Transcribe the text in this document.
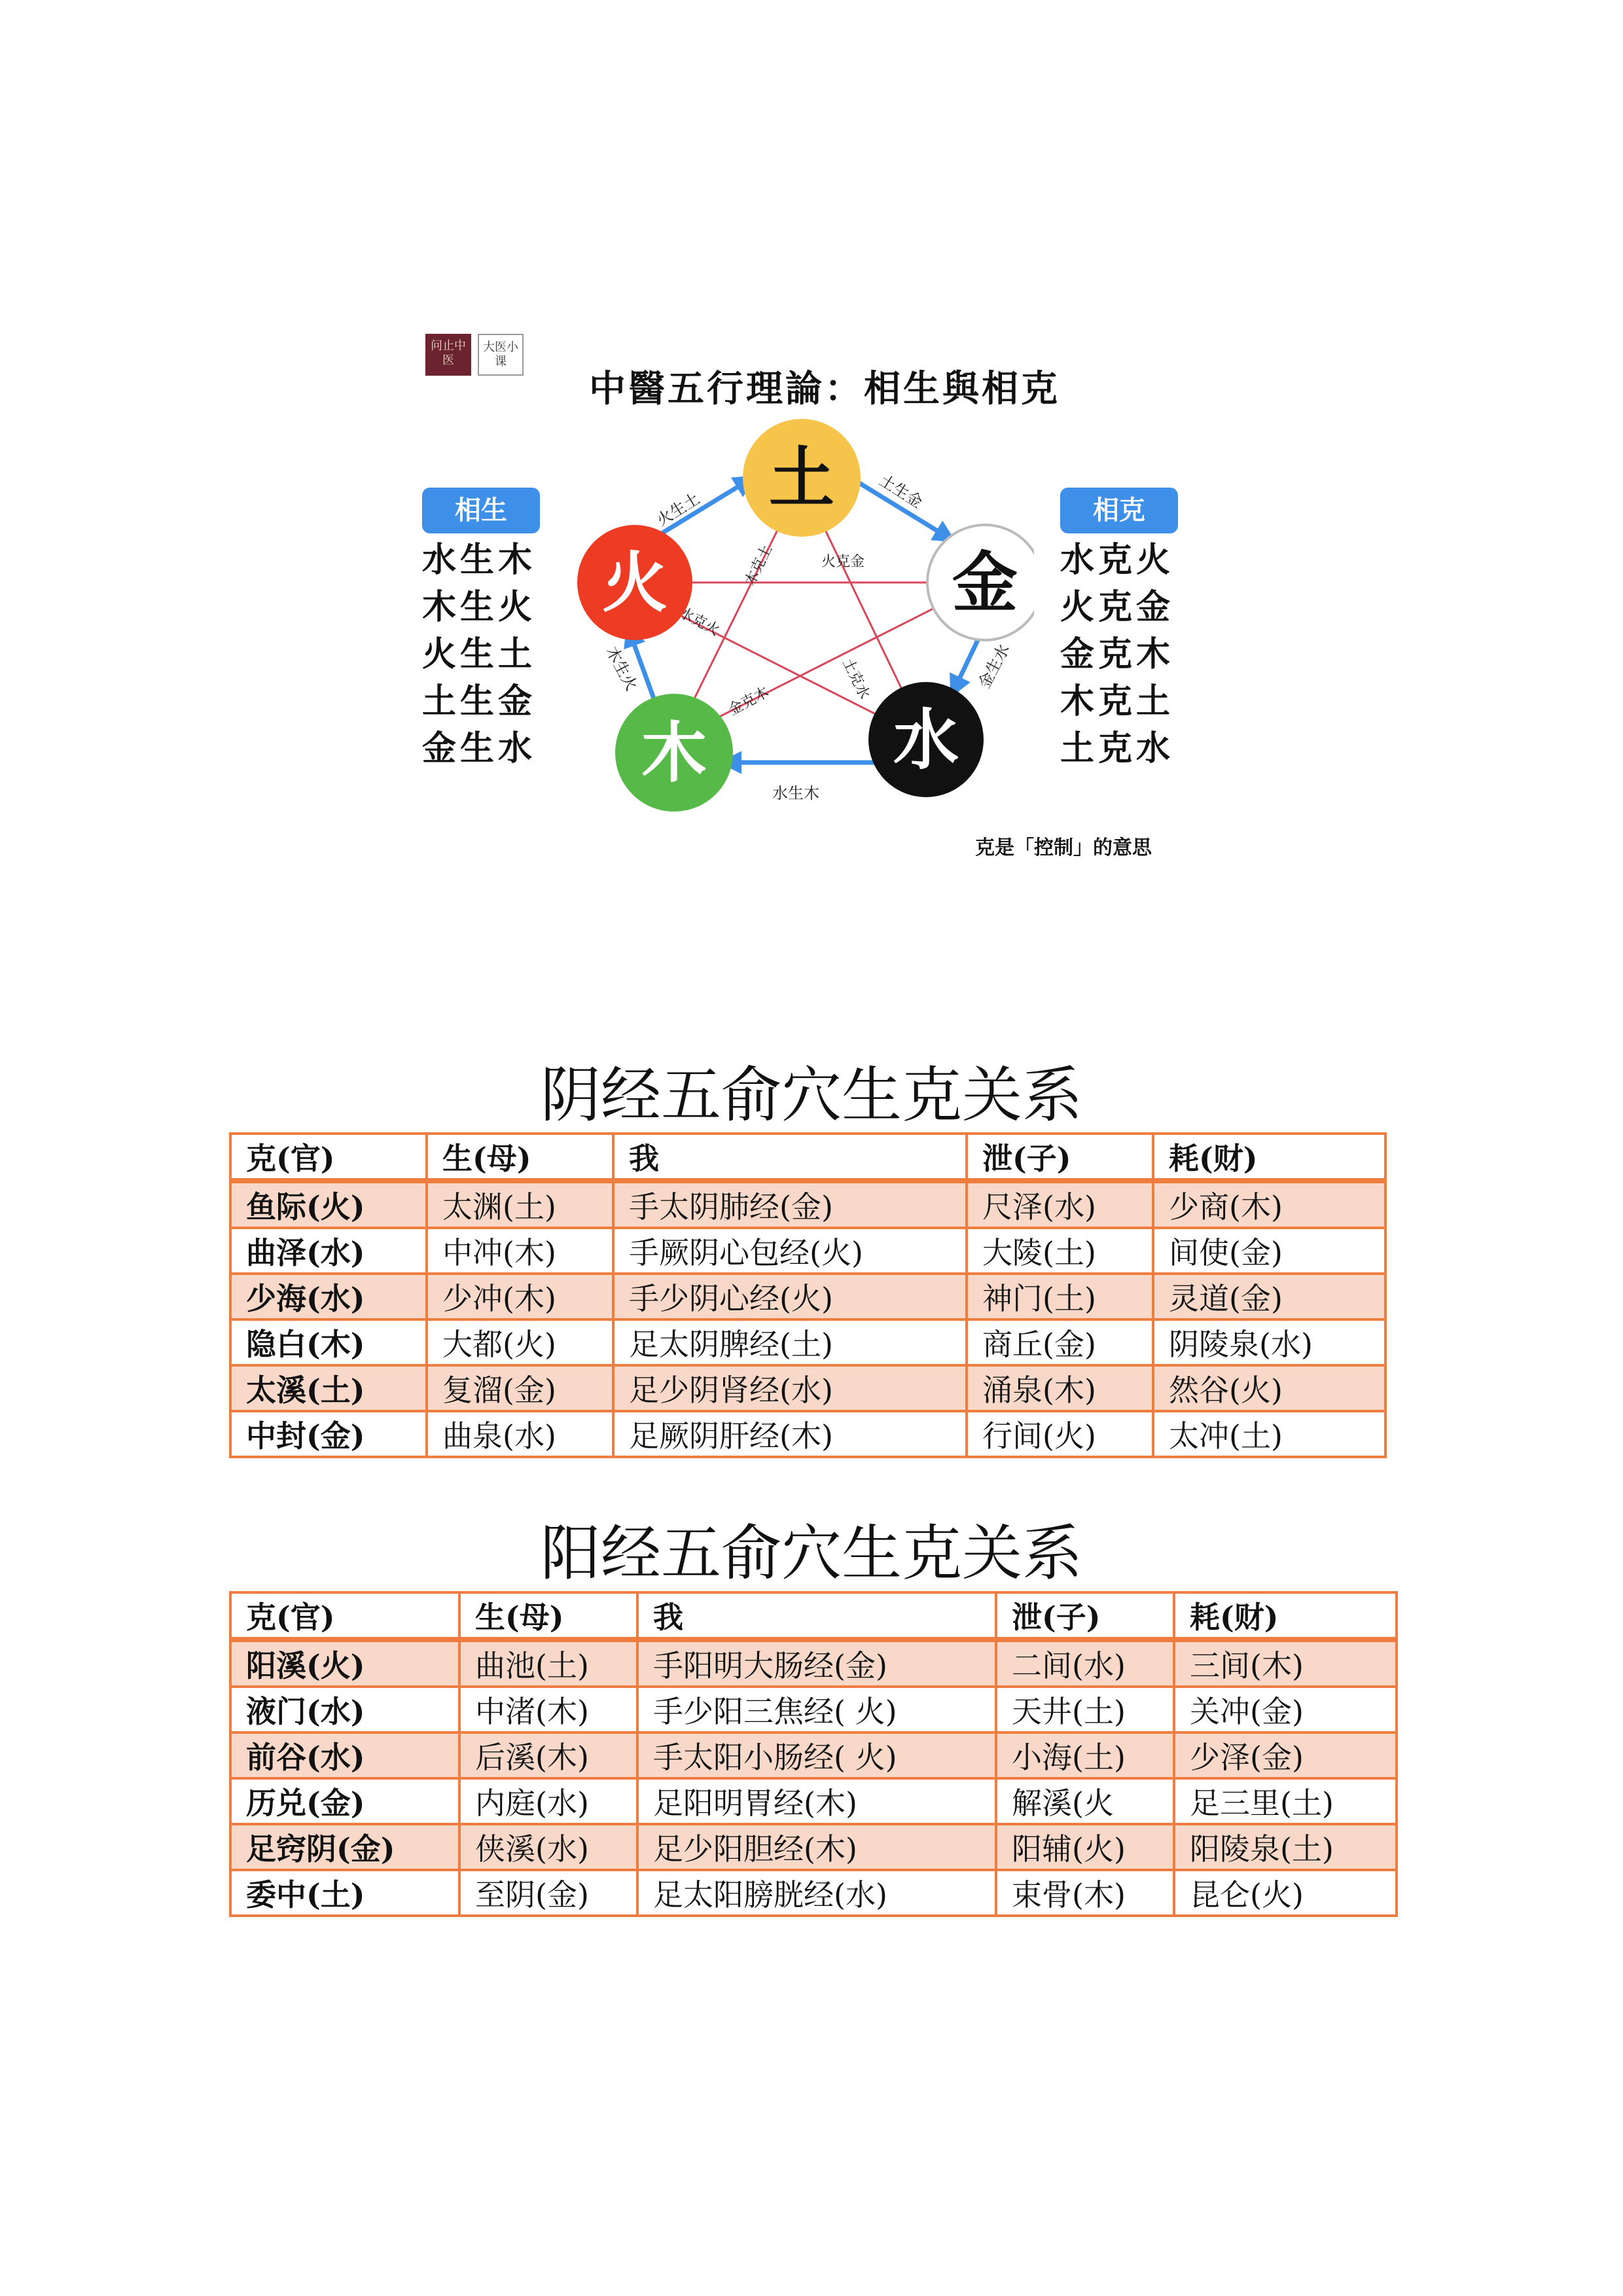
问止中医
大医小课
中醫五行理論：相生與相克
相生
水生木
木生火
火生土
土生金
金生水
相克
水克火
火克金
金克木
木克土
土克水
火生土	土生金
金生水
水生木
木生火
木克土	火克金
水克火
金克木	土克水
土
金
水
木
火
克是「控制」的意思
阴经五俞穴生克关系
克(官)	生(母)	我	泄(子)	耗(财)
鱼际(火)	太渊(土)	手太阴肺经(金)	尺泽(水)	少商(木)
曲泽(水)	中冲(木)	手厥阴心包经(火)	大陵(土)	间使(金)
少海(水)	少冲(木)	手少阴心经(火)	神门(土)	灵道(金)
隐白(木)	大都(火)	足太阴脾经(土)	商丘(金)	阴陵泉(水)
太溪(土)	复溜(金)	足少阴肾经(水)	涌泉(木)	然谷(火)
中封(金)	曲泉(水)	足厥阴肝经(木)	行间(火)	太冲(土)
阳经五俞穴生克关系
克(官)	生(母)	我	泄(子)	耗(财)
阳溪(火)	曲池(土)	手阳明大肠经(金)	二间(水)	三间(木)
液门(水)	中渚(木)	手少阳三焦经( 火)	天井(土)	关冲(金)
前谷(水)	后溪(木)	手太阳小肠经( 火)	小海(土)	少泽(金)
历兑(金)	内庭(水)	足阳明胃经(木)	解溪(火	足三里(土)
足窍阴(金)	侠溪(水)	足少阳胆经(木)	阳辅(火)	阳陵泉(土)
委中(土)	至阴(金)	足太阳膀胱经(水)	束骨(木)	昆仑(火)
